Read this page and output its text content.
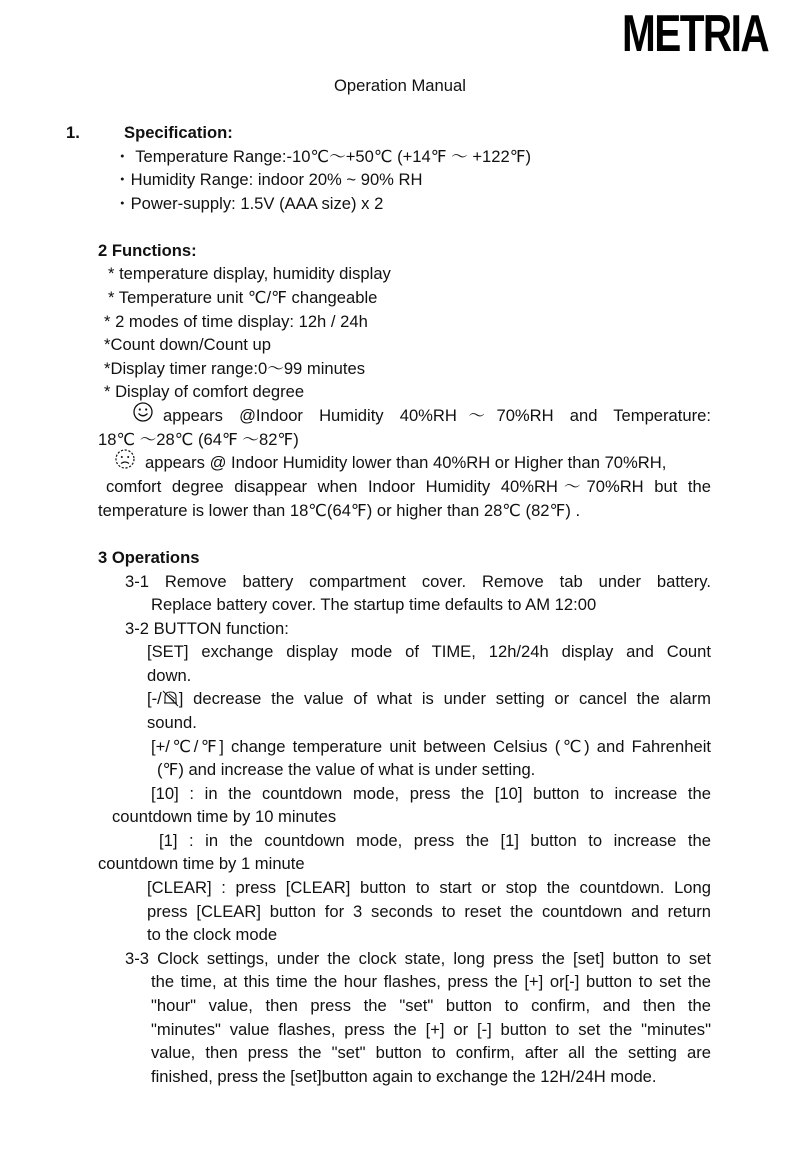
METRIA
Operation Manual
1.	Specification:
・ Temperature Range:-10℃～+50℃ (+14℉ ～ +122℉)
・Humidity Range: indoor 20% ~ 90% RH
・Power-supply: 1.5V (AAA size) x 2
2 Functions:
* temperature display, humidity display
* Temperature unit ℃/℉ changeable
* 2 modes of time display: 12h / 24h
*Count down/Count up
*Display timer range:0～99 minutes
* Display of comfort degree
appears @Indoor Humidity 40%RH～70%RH and Temperature:
18℃ ～28℃ (64℉ ～82℉)
appears @ Indoor Humidity lower than 40%RH or Higher than 70%RH,
comfort degree disappear when Indoor Humidity 40%RH～70%RH but the
temperature is lower than 18℃(64℉) or higher than 28℃ (82℉) .
3 Operations
3-1 Remove battery compartment cover. Remove tab under battery.
Replace battery cover. The startup time defaults to AM 12:00
3-2 BUTTON function:
[SET] exchange display mode of TIME, 12h/24h display and Count
down.
[-/ ] decrease the value of what is under setting or cancel the alarm
sound.
[+/℃/℉] change temperature unit between Celsius (℃) and Fahrenheit
(℉) and increase the value of what is under setting.
[10] : in the countdown mode, press the [10] button to increase the
countdown time by 10 minutes
[1] : in the countdown mode, press the [1] button to increase the
countdown time by 1 minute
[CLEAR] : press [CLEAR] button to start or stop the countdown. Long
press [CLEAR] button for 3 seconds to reset the countdown and return
to the clock mode
3-3 Clock settings, under the clock state, long press the [set] button to set
the time, at this time the hour flashes, press the [+] or[-] button to set the
"hour" value, then press the "set" button to confirm, and then the
"minutes" value flashes, press the [+] or [-] button to set the "minutes"
value, then press the "set" button to confirm, after all the setting are
finished, press the [set]button again to exchange the 12H/24H mode.
